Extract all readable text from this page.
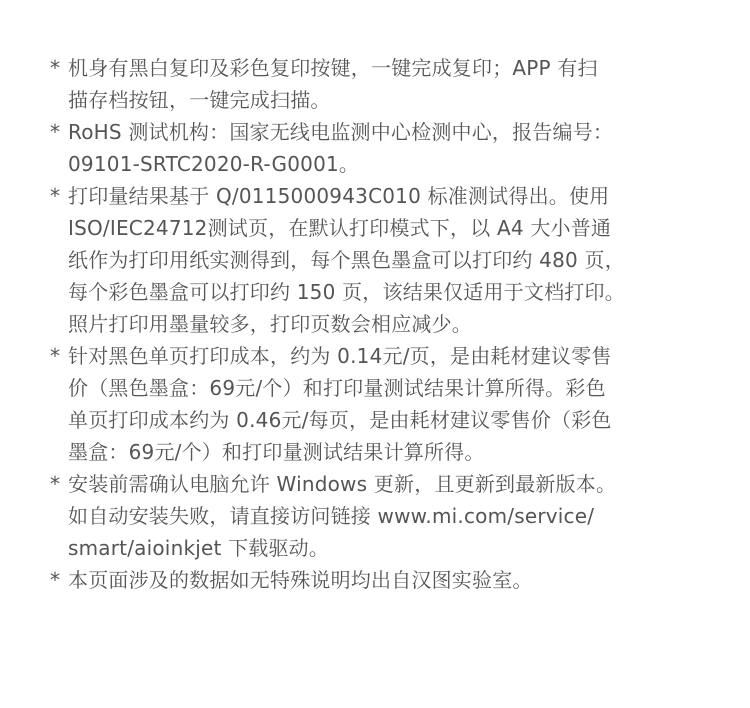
* 机身有黑白复印及彩色复印按键，一键完成复印；APP 有扫
描存档按钮，一键完成扫描。
* RoHS 测试机构：国家无线电监测中心检测中心，报告编号：
09101-SRTC2020-R-G0001。
* 打印量结果基于 Q/0115000943C010 标准测试得出。使用
ISO/IEC24712测试页，在默认打印模式下，以 A4 大小普通
纸作为打印用纸实测得到，每个黑色墨盒可以打印约 480 页，
每个彩色墨盒可以打印约 150 页，该结果仅适用于文档打印。
照片打印用墨量较多，打印页数会相应减少。
* 针对黑色单页打印成本，约为 0.14元/页，是由耗材建议零售
价（黑色墨盒：69元/个）和打印量测试结果计算所得。彩色
单页打印成本约为 0.46元/每页，是由耗材建议零售价（彩色
墨盒：69元/个）和打印量测试结果计算所得。
* 安装前需确认电脑允许 Windows 更新，且更新到最新版本。
如自动安装失败，请直接访问链接 www.mi.com/service/
smart/aioinkjet 下载驱动。
* 本页面涉及的数据如无特殊说明均出自汉图实验室。
